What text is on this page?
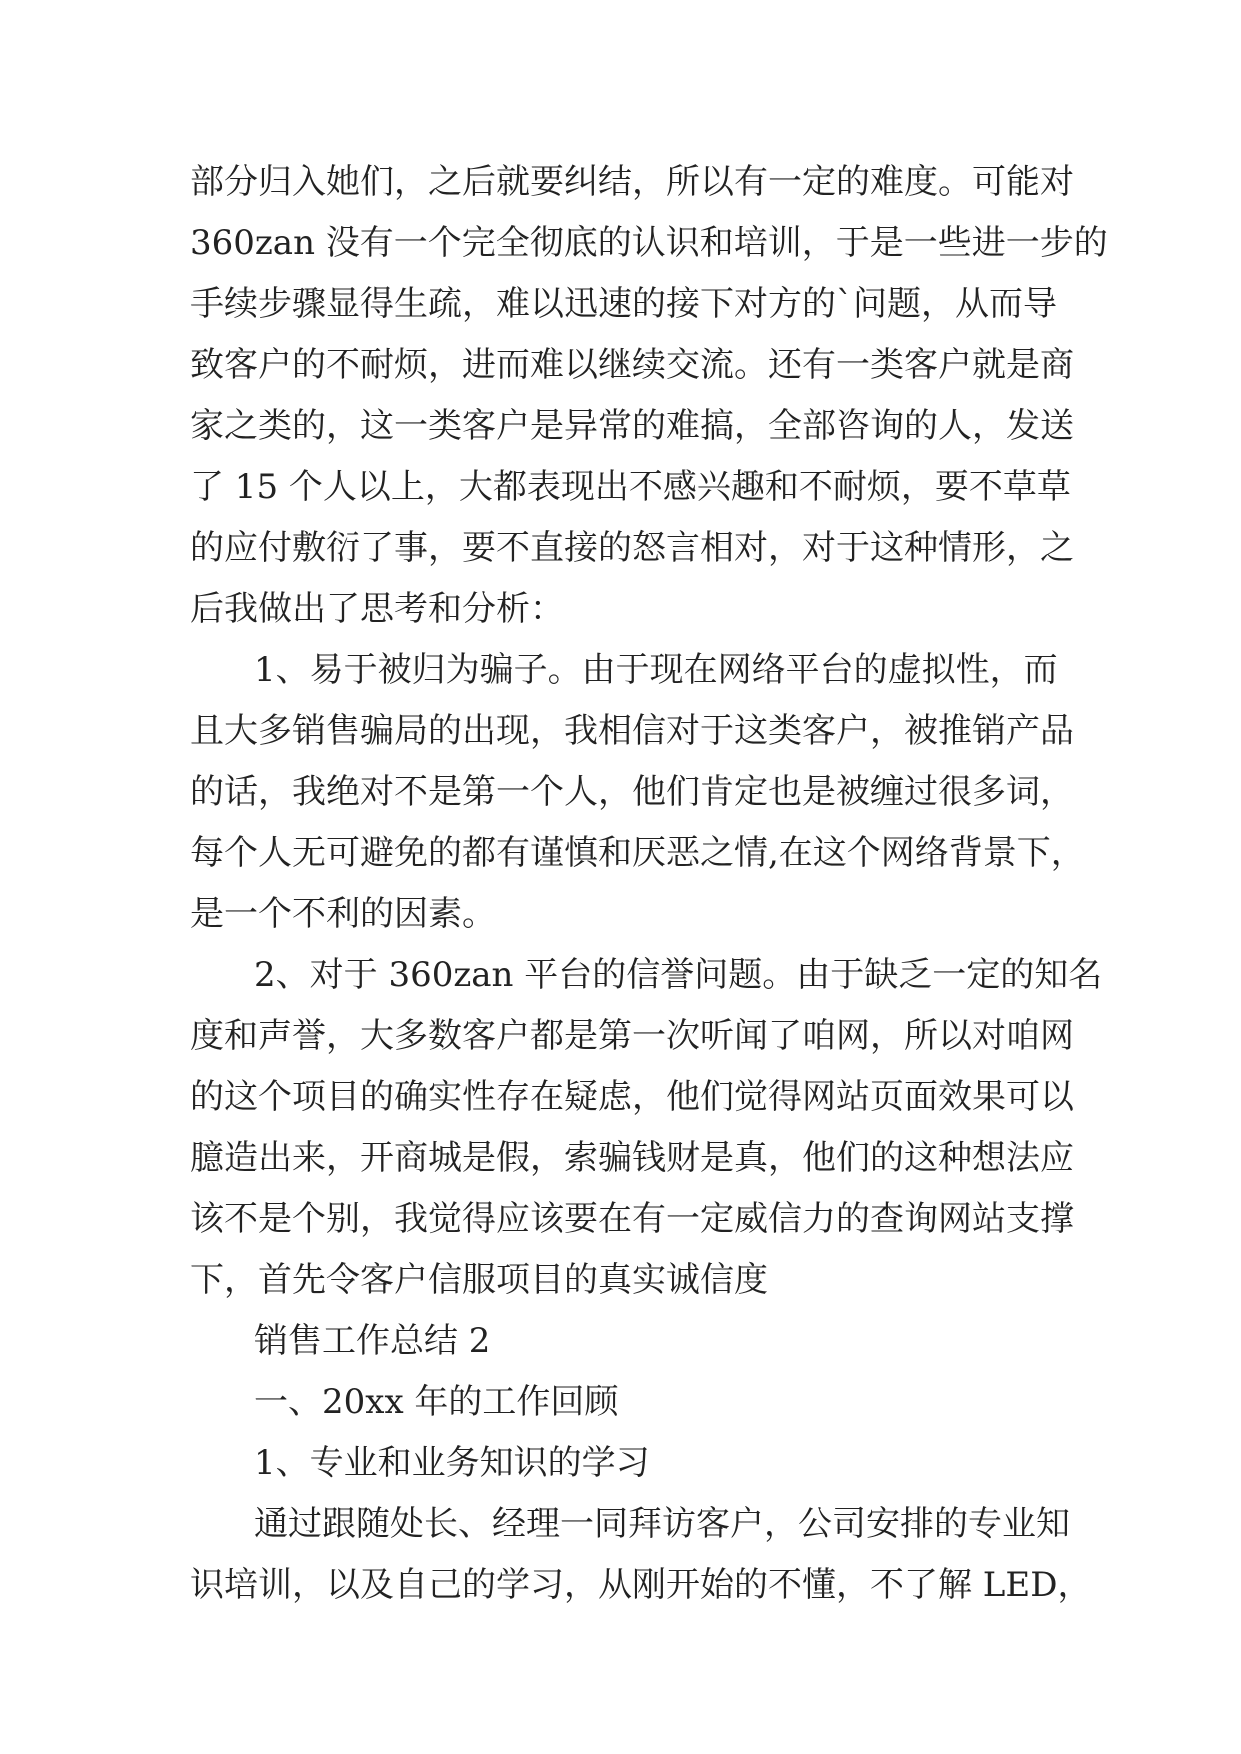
部分归入她们，之后就要纠结，所以有一定的难度。可能对
360zan 没有一个完全彻底的认识和培训，于是一些进一步的
手续步骤显得生疏，难以迅速的接下对方的`问题，从而导
致客户的不耐烦，进而难以继续交流。还有一类客户就是商
家之类的，这一类客户是异常的难搞，全部咨询的人，发送
了 15 个人以上，大都表现出不感兴趣和不耐烦，要不草草
的应付敷衍了事，要不直接的怒言相对，对于这种情形，之
后我做出了思考和分析：
1、易于被归为骗子。由于现在网络平台的虚拟性，而
且大多销售骗局的出现，我相信对于这类客户，被推销产品
的话，我绝对不是第一个人，他们肯定也是被缠过很多词，
每个人无可避免的都有谨慎和厌恶之情,在这个网络背景下，
是一个不利的因素。
2、对于 360zan 平台的信誉问题。由于缺乏一定的知名
度和声誉，大多数客户都是第一次听闻了咱网，所以对咱网
的这个项目的确实性存在疑虑，他们觉得网站页面效果可以
臆造出来，开商城是假，索骗钱财是真，他们的这种想法应
该不是个别，我觉得应该要在有一定威信力的查询网站支撑
下，首先令客户信服项目的真实诚信度
销售工作总结 2
一、20xx 年的工作回顾
1、专业和业务知识的学习
通过跟随处长、经理一同拜访客户，公司安排的专业知
识培训，以及自己的学习，从刚开始的不懂，不了解 LED，
